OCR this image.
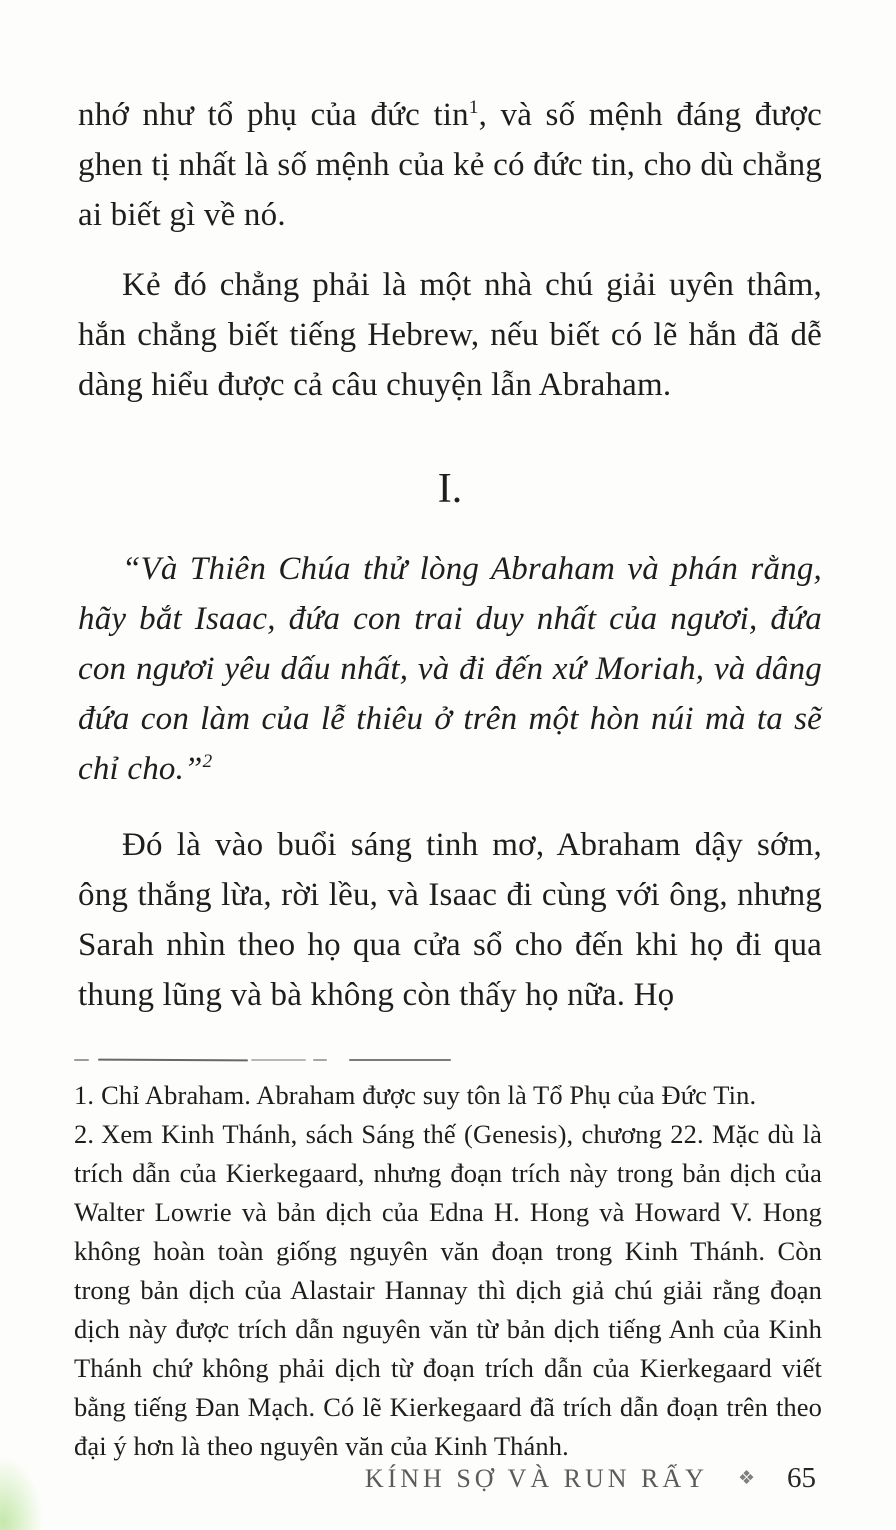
nhớ như tổ phụ của đức tin$^1$, và số mệnh đáng được ghen tị nhất là số mệnh của kẻ có đức tin, cho dù chẳng ai biết gì về nó.

Kẻ đó chẳng phải là một nhà chú giải uyên thâm, hắn chẳng biết tiếng Hebrew, nếu biết có lẽ hắn đã dễ dàng hiểu được cả câu chuyện lẫn Abraham.

I.

“Và Thiên Chúa thử lòng Abraham và phán rằng, hãy bắt Isaac, đứa con trai duy nhất của ngươi, đứa con ngươi yêu dấu nhất, và đi đến xứ Moriah, và dâng đứa con làm của lễ thiêu ở trên một hòn núi mà ta sẽ chỉ cho.”$^2$

Đó là vào buổi sáng tinh mơ, Abraham dậy sớm, ông thắng lừa, rời lều, và Isaac đi cùng với ông, nhưng Sarah nhìn theo họ qua cửa sổ cho đến khi họ đi qua thung lũng và bà không còn thấy họ nữa. Họ

1. Chỉ Abraham. Abraham được suy tôn là Tổ Phụ của Đức Tin.

2. Xem Kinh Thánh, sách Sáng thế (Genesis), chương 22. Mặc dù là trích dẫn của Kierkegaard, nhưng đoạn trích này trong bản dịch của Walter Lowrie và bản dịch của Edna H. Hong và Howard V. Hong không hoàn toàn giống nguyên văn đoạn trong Kinh Thánh. Còn trong bản dịch của Alastair Hannay thì dịch giả chú giải rằng đoạn dịch này được trích dẫn nguyên văn từ bản dịch tiếng Anh của Kinh Thánh chứ không phải dịch từ đoạn trích dẫn của Kierkegaard viết bằng tiếng Đan Mạch. Có lẽ Kierkegaard đã trích dẫn đoạn trên theo đại ý hơn là theo nguyên văn của Kinh Thánh.

KÍNH SỢ VÀ RUN RẨY ❖ 65
